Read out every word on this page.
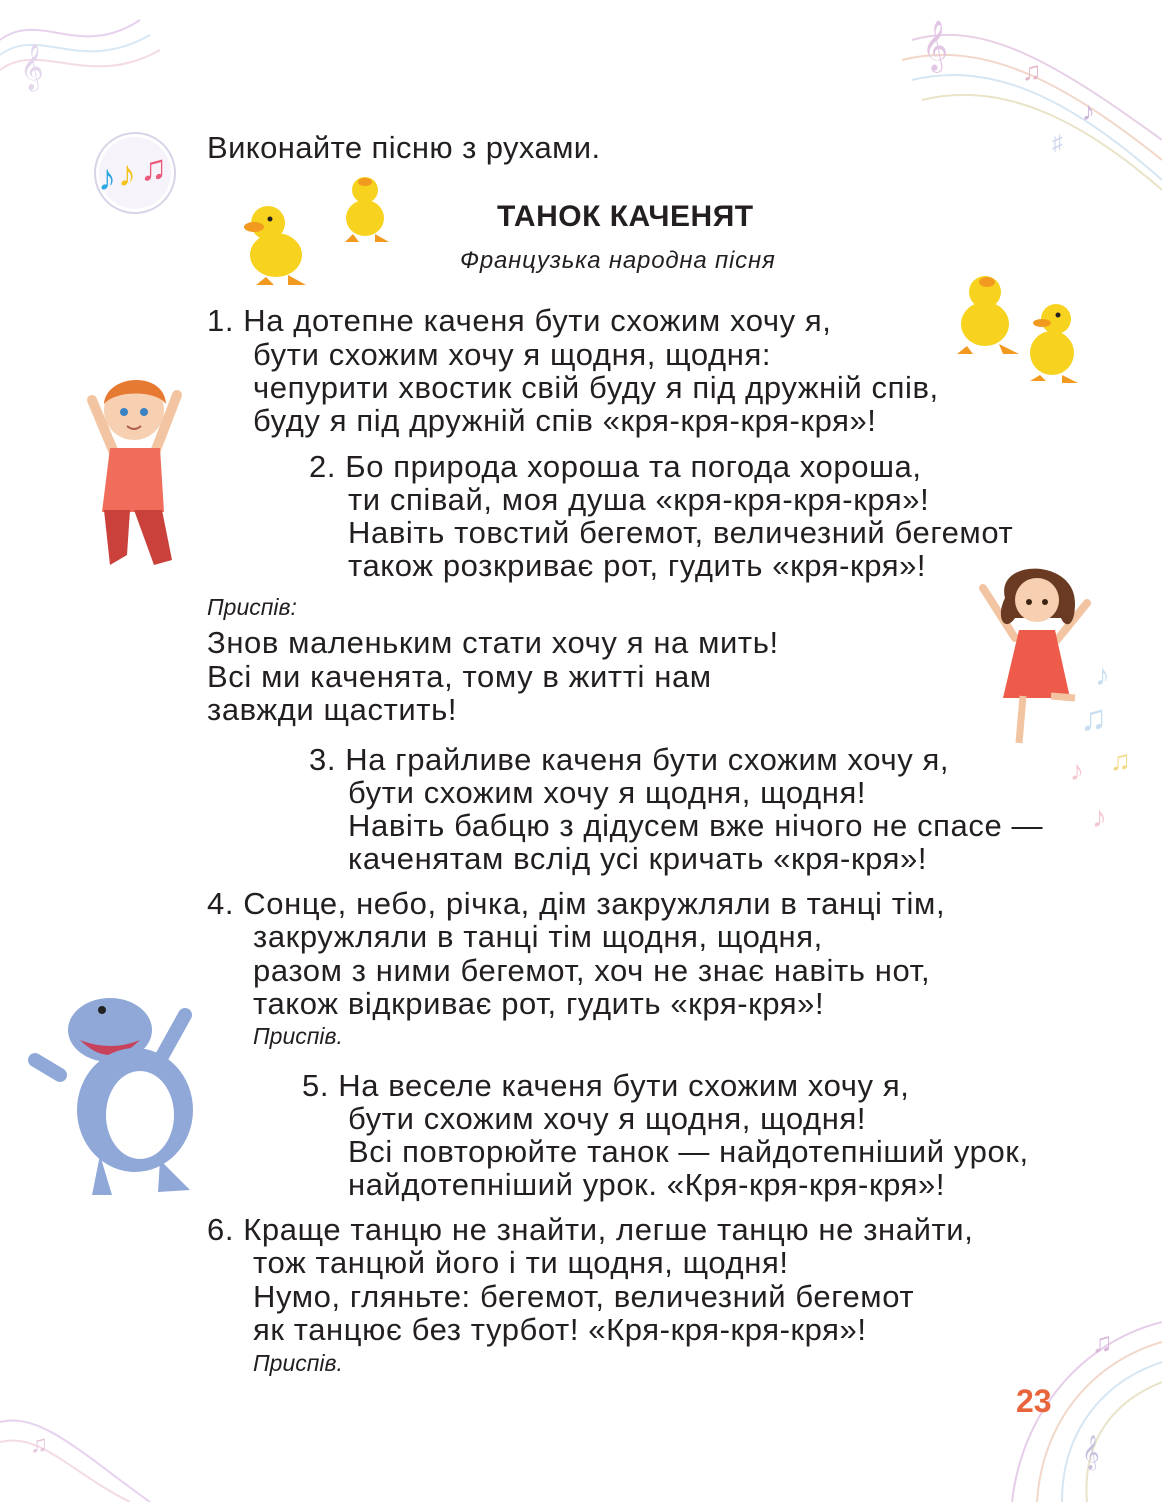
𝄞	𝄞
♫
♪
♯
♫
♫
𝄞
♪ ♪ ♫
♪
♫
♫
♪
♪
Виконайте пісню з рухами.
ТАНОК КАЧЕНЯТ
Французька народна пісня
1. На дотепне каченя бути схожим хочу я,
бути схожим хочу я щодня, щодня:
чепурити хвостик свій буду я під дружній спів,
буду я під дружній спів «кря-кря-кря-кря»!
2. Бо природа хороша та погода хороша,
ти співай, моя душа «кря-кря-кря-кря»!
Навіть товстий бегемот, величезний бегемот
також розкриває рот, гудить «кря-кря»!
Приспів:
Знов маленьким стати хочу я на мить!
Всі ми каченята, тому в житті нам
завжди щастить!
3. На грайливе каченя бути схожим хочу я,
бути схожим хочу я щодня, щодня!
Навіть бабцю з дідусем вже нічого не спасе —
каченятам вслід усі кричать «кря-кря»!
4. Сонце, небо, річка, дім закружляли в танці тім,
закружляли в танці тім щодня, щодня,
разом з ними бегемот, хоч не знає навіть нот,
також відкриває рот, гудить «кря-кря»!
Приспів.
5. На веселе каченя бути схожим хочу я,
бути схожим хочу я щодня, щодня!
Всі повторюйте танок — найдотепніший урок,
найдотепніший урок. «Кря-кря-кря-кря»!
6. Краще танцю не знайти, легше танцю не знайти,
тож танцюй його і ти щодня, щодня!
Нумо, гляньте: бегемот, величезний бегемот
як танцює без турбот! «Кря-кря-кря-кря»!
Приспів.
23
